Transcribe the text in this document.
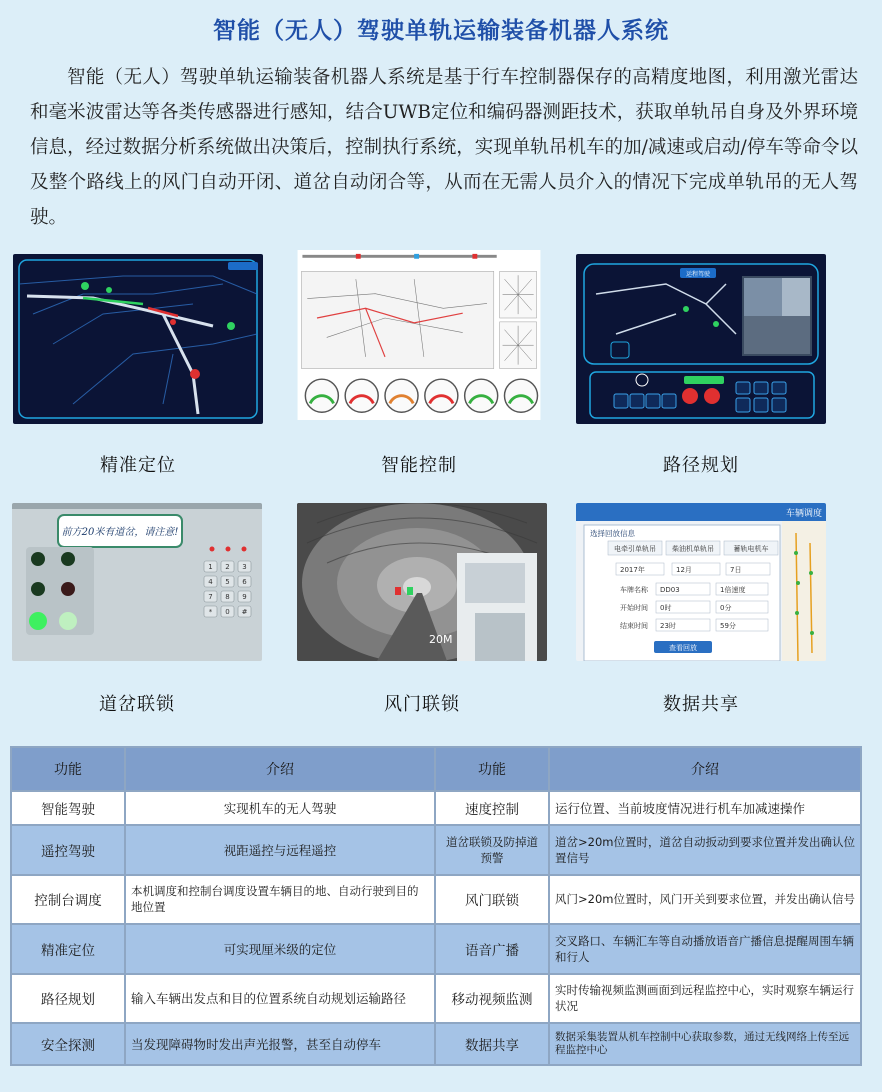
智能（无人）驾驶单轨运输装备机器人系统

智能（无人）驾驶单轨运输装备机器人系统是基于行车控制器保存的高精度地图，利用激光雷达和毫米波雷达等各类传感器进行感知，结合UWB定位和编码器测距技术，获取单轨吊自身及外界环境信息，经过数据分析系统做出决策后，控制执行系统，实现单轨吊机车的加/减速或启动/停车等命令以及整个路线上的风门自动开闭、道岔自动闭合等，从而在无需人员介入的情况下完成单轨吊的无人驾驶。

精准定位	智能控制
运程驾驶
路径规划
前方20米有道岔，请注意!
1 2 3
4 5 6
7 8 9
* 0 #
道岔联锁
20M
风门联锁
车辆调度
选择回放信息
电牵引单轨吊 柴油机单轨吊	蓄轨电机车
2017年	12月	7日
车牌名称 DD03	1倍速度
开始时间 0时	0分
结束时间 23时	59分
查看回放
数据共享
功能	介绍	功能	介绍
智能驾驶	实现机车的无人驾驶	速度控制	运行位置、当前坡度情况进行机车加减速操作
遥控驾驶	视距遥控与远程遥控	道岔联锁及防掉道预警	道岔>20m位置时，道岔自动扳动到要求位置并发出确认位置信号
控制台调度	本机调度和控制台调度设置车辆目的地、自动行驶到目的地位置	风门联锁	风门>20m位置时，风门开关到要求位置，并发出确认信号
精准定位	可实现厘米级的定位	语音广播	交叉路口、车辆汇车等自动播放语音广播信息提醒周围车辆和行人
路径规划	输入车辆出发点和目的位置系统自动规划运输路径	移动视频监测	实时传输视频监测画面到远程监控中心，实时观察车辆运行状况
安全探测	当发现障碍物时发出声光报警，甚至自动停车	数据共享	数据采集装置从机车控制中心获取参数，通过无线网络上传至远程监控中心
